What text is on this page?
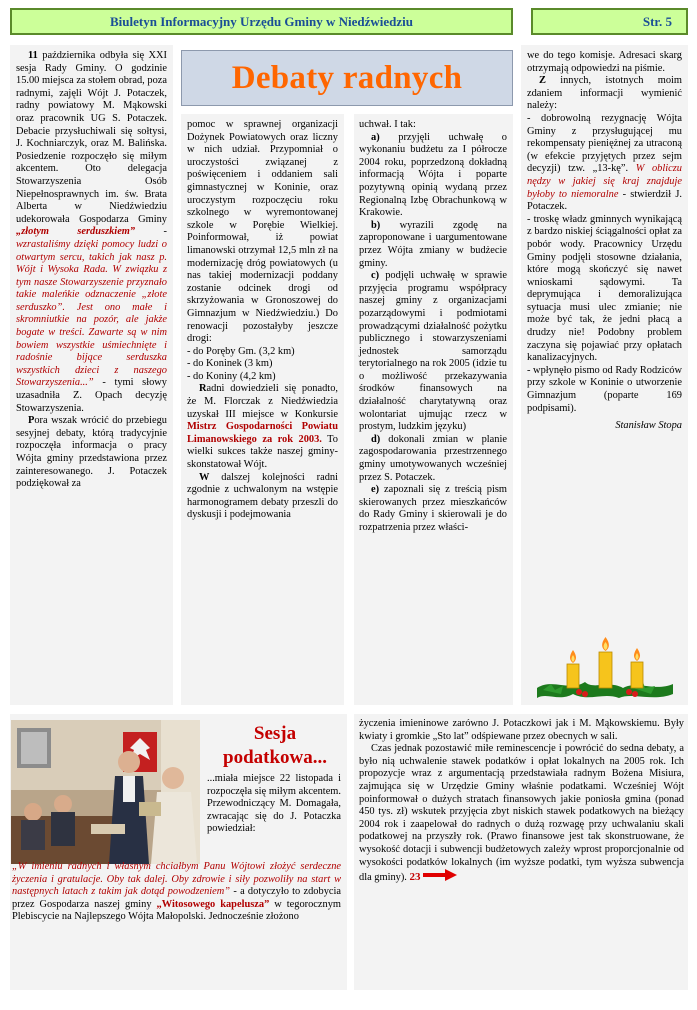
Biuletyn Informacyjny Urzędu Gminy w Niedźwiedziu	Str. 5
Debaty radnych

11 października odbyła się XXI sesja Rady Gminy. O godzinie 15.00 miejsca za stołem obrad, poza radnymi, zajęli Wójt J. Potaczek, radny powiatowy M. Mąkowski oraz pracownik UG S. Potaczek. Debacie przysłuchiwali się sołtysi, J. Kochniarczyk, oraz M. Balińska. Posiedzenie rozpoczęło się miłym akcentem. Oto delegacja Stowarzyszenia Osób Niepełnosprawnych im. św. Brata Alberta w Niedźwiedziu udekorowała Gospodarza Gminy „złotym serduszkiem” - wzrastaliśmy dzięki pomocy ludzi o otwartym sercu, takich jak nasz p. Wójt i Wysoka Rada. W związku z tym nasze Stowarzyszenie przyznało takie maleńkie odznaczenie „złote serduszko”. Jest ono małe i skromniutkie na pozór, ale jakże bogate w treści. Zawarte są w nim bowiem wszystkie uśmiechnięte i radośnie bijące serduszka wszystkich dzieci z naszego Stowarzyszenia...” - tymi słowy uzasadniła Z. Opach decyzję Stowarzyszenia.

Pora wszak wrócić do przebiegu sesyjnej debaty, którą tradycyjnie rozpoczęła informacja o pracy Wójta gminy przedstawiona przez zainteresowanego. J. Potaczek podziękował za

pomoc w sprawnej organizacji Dożynek Powiatowych oraz liczny w nich udział. Przypomniał o uroczystości związanej z poświęceniem i oddaniem sali gimnastycznej w Koninie, oraz uroczystym rozpoczęciu roku szkolnego w wyremontowanej szkole w Porębie Wielkiej. Poinformował, iż powiat limanowski otrzymał 12,5 mln zł na modernizację dróg powiatowych (u nas takiej modernizacji poddany zostanie odcinek drogi od skrzyżowania w Gronoszowej do Gimnazjum w Niedźwiedziu.) Do renowacji pozostałyby jeszcze drogi:

- do Poręby Gm. (3,2 km)

- do Koninek (3 km)

- do Koniny (4,2 km)

Radni dowiedzieli się ponadto, że M. Florczak z Niedźwiedzia uzyskał III miejsce w Konkursie Mistrz Gospodarności Powiatu Limanowskiego za rok 2003. To wielki sukces także naszej gminy-skonstatował Wójt.

W dalszej kolejności radni zgodnie z uchwalonym na wstępie harmonogramem debaty przeszli do dyskusji i podejmowania

uchwał. I tak:

a) przyjęli uchwałę o wykonaniu budżetu za I półrocze 2004 roku, poprzedzoną dokładną informacją Wójta i poparte pozytywną opinią wydaną przez Regionalną Izbę Obrachunkową w Krakowie.

b) wyrazili zgodę na zaproponowane i uargumentowane przez Wójta zmiany w budżecie gminy.

c) podjęli uchwałę w sprawie przyjęcia programu współpracy naszej gminy z organizacjami pozarządowymi i podmiotami prowadzącymi działalność pożytku publicznego i stowarzyszeniami jednostek samorządu terytorialnego na rok 2005 (idzie tu o możliwość przekazywania środków finansowych na działalność charytatywną oraz wolontariat ujmując rzecz w prostym, ludzkim języku)

d) dokonali zmian w planie zagospodarowania przestrzennego gminy umotywowanych wcześniej przez S. Potaczek.

e) zapoznali się z treścią pism skierowanych przez mieszkańców do Rady Gminy i skierowali je do rozpatrzenia przez właści-

we do tego komisje. Adresaci skarg otrzymają odpowiedzi na piśmie.

Z innych, istotnych moim zdaniem informacji wymienić należy:

- dobrowolną rezygnację Wójta Gminy z przysługującej mu rekompensaty pieniężnej za utraconą (w efekcie przyjętych przez sejm decyzji) tzw. „13-kę”. W obliczu nędzy w jakiej się kraj znajduje byłoby to niemoralne - stwierdził J. Potaczek.

- troskę władz gminnych wynikającą z bardzo niskiej ściągalności opłat za pobór wody. Pracownicy Urzędu Gminy podjęli stosowne działania, które mogą skończyć się nawet wnioskami sądowymi. Ta deprymująca i demoralizująca sytuacja musi ulec zmianie; nie może być tak, że jedni płacą a drudzy nie! Podobny problem zaczyna się pojawiać przy opłatach kanalizacyjnych.

- wpłynęło pismo od Rady Rodziców przy szkole w Koninie o utworzenie Gimnazjum (poparte 169 podpisami).

Stanisław Stopa
Sesja
podatkowa...
...miała miejsce 22 listopada i rozpoczęła się miłym akcentem. Przewodniczący M. Domagała, zwracając się do J. Potaczka powiedział:
„W imieniu radnych i własnym chciałbym Panu Wójtowi złożyć serdeczne życzenia i gratulacje. Oby tak dalej. Oby zdrowie i siły pozwoliły na start w następnych latach z takim jak dotąd powodzeniem” - a dotyczyło to zdobycia przez Gospodarza naszej gminy „Witosowego kapelusza” w tegorocznym Plebiscycie na Najlepszego Wójta Małopolski. Jednocześnie złożono

życzenia imieninowe zarówno J. Potaczkowi jak i M. Mąkowskiemu. Były kwiaty i gromkie „Sto lat” odśpiewane przez obecnych w sali.

Czas jednak pozostawić miłe reminescencje i powrócić do sedna debaty, a było nią uchwalenie stawek podatków i opłat lokalnych na 2005 rok. Ich propozycje wraz z argumentacją przedstawiała radnym Bożena Misiura, zajmująca się w Urzędzie Gminy właśnie podatkami. Wcześniej Wójt poinformował o dużych stratach finansowych jakie poniosła gmina (ponad 450 tys. zł) wskutek przyjęcia zbyt niskich stawek podatkowych na bieżący 2004 rok i zaapelował do radnych o dużą rozwagę przy uchwalaniu skali podatkowej na przyszły rok. (Prawo finansowe jest tak skonstruowane, że wysokość dotacji i subwencji budżetowych zależy wprost proporcjonalnie od wysokości podatków lokalnych (im wyższe podatki, tym wyższa subwencja dla gminy). 23
